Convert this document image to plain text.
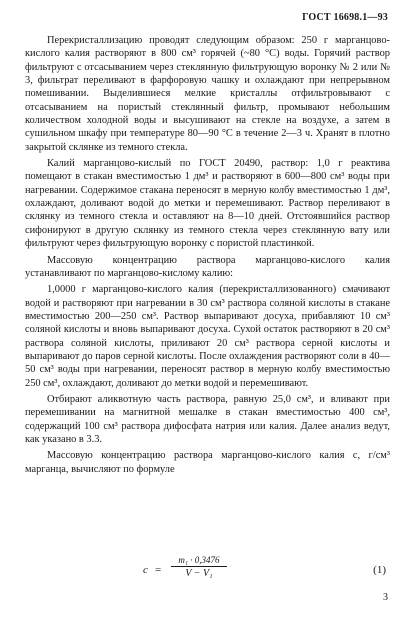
ГОСТ 16698.1—93

Перекристаллизацию проводят следующим образом: 250 г марганцово-кислого калия растворяют в 800 см³ горячей (~80 °С) воды. Горячий раствор фильтруют с отсасыванием через стеклянную фильтрующую воронку № 2 или № 3, фильтрат переливают в фарфоровую чашку и охлаждают при непрерывном помешивании. Выделившиеся мелкие кристаллы отфильтровывают с отсасыванием на пористый стеклянный фильтр, промывают небольшим количеством холодной воды и высушивают на стекле на воздухе, а затем в сушильном шкафу при температуре 80—90 °С в течение 2—3 ч. Хранят в плотно закрытой склянке из темного стекла.

Калий марганцово-кислый по ГОСТ 20490, раствор: 1,0 г реактива помещают в стакан вместимостью 1 дм³ и растворяют в 600—800 см³ воды при нагревании. Содержимое стакана переносят в мерную колбу вместимостью 1 дм³, охлаждают, доливают водой до метки и перемешивают. Раствор переливают в склянку из темного стекла и оставляют на 8—10 дней. Отстоявшийся раствор сифонируют в другую склянку из темного стекла через стеклянную вату или фильтруют через фильтрующую воронку с пористой пластинкой.

Массовую концентрацию раствора марганцово-кислого калия устанавливают по марганцово-кислому калию:

1,0000 г марганцово-кислого калия (перекристаллизованного) смачивают водой и растворяют при нагревании в 30 см³ раствора соляной кислоты в стакане вместимостью 200—250 см³. Раствор выпаривают досуха, прибавляют 10 см³ соляной кислоты и вновь выпаривают досуха. Сухой остаток растворяют в 20 см³ раствора соляной кислоты, приливают 20 см³ раствора серной кислоты и выпаривают до паров серной кислоты. После охлаждения растворяют соли в 40—50 см³ воды при нагревании, переносят раствор в мерную колбу вместимостью 250 см³, охлаждают, доливают до метки водой и перемешивают.

Отбирают аликвотную часть раствора, равную 25,0 см³, и вливают при перемешивании на магнитной мешалке в стакан вместимостью 400 см³, содержащий 100 см³ раствора дифосфата натрия или калия. Далее анализ ведут, как указано в 3.3.

Массовую концентрацию раствора марганцово-кислого калия c, г/см³ марганца, вычисляют по формуле

$c = \frac{\text{m₁ · 0,3476}}{\text{V − V₁}}$	(1)
3
